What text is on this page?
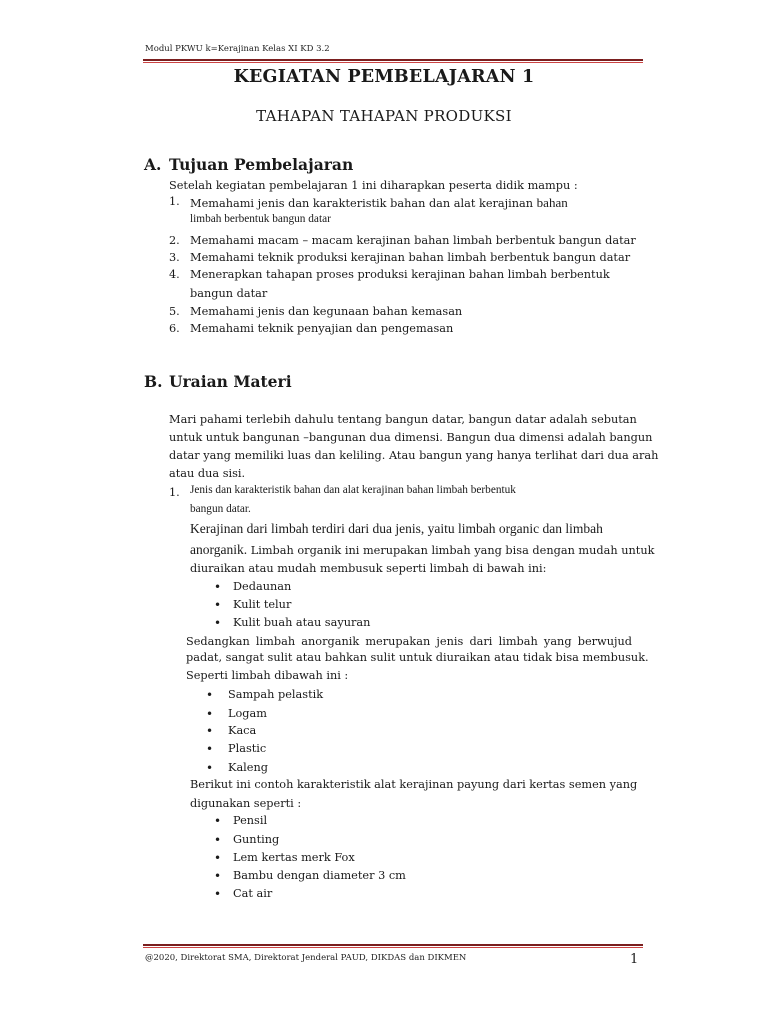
Modul PKWU k=Kerajinan Kelas XI KD 3.2
KEGIATAN PEMBELAJARAN 1
TAHAPAN TAHAPAN PRODUKSI
A. Tujuan Pembelajaran
Setelah kegiatan pembelajaran 1 ini diharapkan peserta didik mampu :
1. Memahami jenis dan karakteristik bahan dan alat kerajinan bahan
limbah berbentuk bangun datar
2. Memahami macam – macam kerajinan bahan limbah berbentuk bangun datar
3. Memahami teknik produksi kerajinan bahan limbah berbentuk bangun datar
4. Menerapkan tahapan proses produksi kerajinan bahan limbah berbentuk
bangun datar
5. Memahami jenis dan kegunaan bahan kemasan
6. Memahami teknik penyajian dan pengemasan
B. Uraian Materi
Mari pahami terlebih dahulu tentang bangun datar, bangun datar adalah sebutan
untuk untuk bangunan –bangunan dua dimensi. Bangun dua dimensi adalah bangun
datar yang memiliki luas dan keliling. Atau bangun yang hanya terlihat dari dua arah
atau dua sisi.
1. Jenis dan karakteristik bahan dan alat kerajinan bahan limbah berbentuk
bangun datar.
Kerajinan dari limbah terdiri dari dua jenis, yaitu limbah organic dan limbah
anorganik. Limbah organik ini merupakan limbah yang bisa dengan mudah untuk
diuraikan atau mudah membusuk seperti limbah di bawah ini:
• Dedaunan
• Kulit telur
• Kulit buah atau sayuran
Sedangkan limbah anorganik merupakan jenis dari limbah yang berwujud
padat, sangat sulit atau bahkan sulit untuk diuraikan atau tidak bisa membusuk.
Seperti limbah dibawah ini :
• Sampah pelastik
• Logam
• Kaca
• Plastic
• Kaleng
Berikut ini contoh karakteristik alat kerajinan payung dari kertas semen yang
digunakan seperti :
• Pensil
• Gunting
• Lem kertas merk Fox
• Bambu dengan diameter 3 cm
• Cat air
@2020, Direktorat SMA, Direktorat Jenderal PAUD, DIKDAS dan DIKMEN	1
